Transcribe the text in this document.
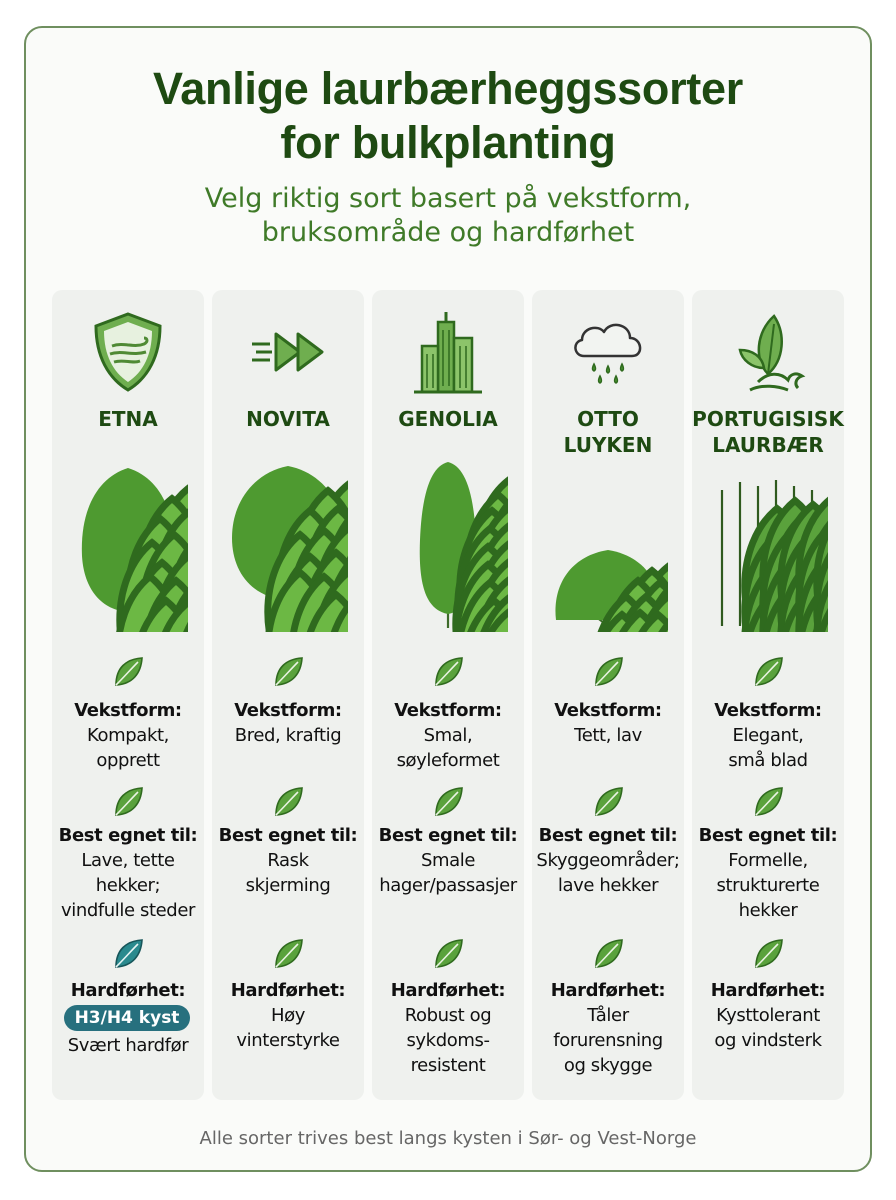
Vanlige laurbærheggssorter
for bulkplanting

Velg riktig sort basert på vekstform,
bruksområde og hardførhet

ETNA
Vekstform:
Kompakt,
opprett
Best egnet til:
Lave, tette
hekker;
vindfulle steder
Hardførhet:
H3/H4 kyst
Svært hardfør
NOVITA
Vekstform:
Bred, kraftig
Best egnet til:
Rask
skjerming
Hardførhet:
Høy
vinterstyrke
GENOLIA
Vekstform:
Smal,
søyleformet
Best egnet til:
Smale
hager/passasjer
Hardførhet:
Robust og
sykdoms-
resistent
OTTO
LUYKEN
Vekstform:
Tett, lav
Best egnet til:
Skyggeområder;
lave hekker
Hardførhet:
Tåler
forurensning
og skygge
PORTUGISISK
LAURBÆR
Vekstform:
Elegant,
små blad
Best egnet til:
Formelle,
strukturerte
hekker
Hardførhet:
Kysttolerant
og vindsterk

Alle sorter trives best langs kysten i Sør- og Vest-Norge
